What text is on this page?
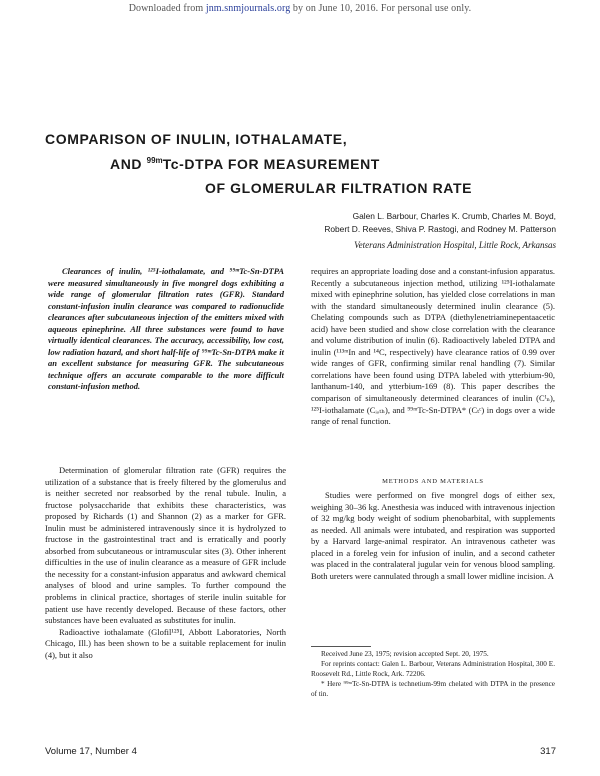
Downloaded from jnm.snmjournals.org by on June 10, 2016. For personal use only.
COMPARISON OF INULIN, IOTHALAMATE,
AND $^{99m}$Tc-DTPA FOR MEASUREMENT
OF GLOMERULAR FILTRATION RATE
Galen L. Barbour, Charles K. Crumb, Charles M. Boyd,
Robert D. Reeves, Shiva P. Rastogi, and Rodney M. Patterson
Veterans Administration Hospital, Little Rock, Arkansas

Clearances of inulin, ¹²⁵I-iothalamate, and ⁹⁹ᵐTc-Sn-DTPA were measured simultaneously in five mongrel dogs exhibiting a wide range of glomerular filtration rates (GFR). Standard constant-infusion inulin clearance was compared to radionuclide clearances after subcutaneous injection of the emitters mixed with aqueous epinephrine. All three substances were found to have virtually identical clearances. The accuracy, accessibility, low cost, low radiation hazard, and short half-life of ⁹⁹ᵐTc-Sn-DTPA make it an excellent substance for measuring GFR. The subcutaneous technique offers an accurate comparable to the more difficult constant-infusion method.

Determination of glomerular filtration rate (GFR) requires the utilization of a substance that is freely filtered by the glomerulus and is neither secreted nor reabsorbed by the renal tubule. Inulin, a fructose polysaccharide that exhibits these characteristics, was proposed by Richards (1) and Shannon (2) as a marker for GFR. Inulin must be administered intravenously since it is hydrolyzed to fructose in the gastrointestinal tract and is erratically and poorly absorbed from subcutaneous or intramuscular sites (3). Other inherent difficulties in the use of inulin clearance as a measure of GFR include the necessity for a constant-infusion apparatus and awkward chemical analyses of blood and urine samples. To further compound the problems in clinical practice, shortages of sterile inulin suitable for patient use have recently developed. Because of these factors, other substances have been evaluated as substitutes for inulin.

Radioactive iothalamate (Glofil¹²⁵I, Abbott Laboratories, North Chicago, Ill.) has been shown to be a suitable replacement for inulin (4), but it also

requires an appropriate loading dose and a constant-infusion apparatus. Recently a subcutaneous injection method, utilizing ¹²⁵I-iothalamate mixed with epinephrine solution, has yielded close correlations in man with the standard simultaneously determined inulin clearance (5). Chelating compounds such as DTPA (diethylenetriaminepentaacetic acid) have been studied and show close correlation with the clearance and volume distribution of inulin (6). Radioactively labeled DTPA and inulin (¹¹³ᵐIn and ¹⁴C, respectively) have clearance ratios of 0.99 over wide ranges of GFR, confirming similar renal handling (7). Similar correlations have been found using DTPA labeled with ytterbium-90, lanthanum-140, and ytterbium-169 (8). This paper describes the comparison of simultaneously determined clearances of inulin (Cᴵₙ), ¹²⁵I-iothalamate (Cᵢₒₜₕ), and ⁹⁹ᵐTc-Sn-DTPA* (Cₜᶜ) in dogs over a wide range of renal function.

METHODS AND MATERIALS

Studies were performed on five mongrel dogs of either sex, weighing 30–36 kg. Anesthesia was induced with intravenous injection of 32 mg/kg body weight of sodium phenobarbital, with supplements as needed. All animals were intubated, and respiration was supported by a Harvard large-animal respirator. An intravenous catheter was placed in a foreleg vein for infusion of inulin, and a second catheter was placed in the contralateral jugular vein for venous blood sampling. Both ureters were cannulated through a small lower midline incision. A

Received June 23, 1975; revision accepted Sept. 20, 1975.

For reprints contact: Galen L. Barbour, Veterans Administration Hospital, 300 E. Roosevelt Rd., Little Rock, Ark. 72206.

* Here ⁹⁹ᵐTc-Sn-DTPA is technetium-99m chelated with DTPA in the presence of tin.

Volume 17, Number 4	317
